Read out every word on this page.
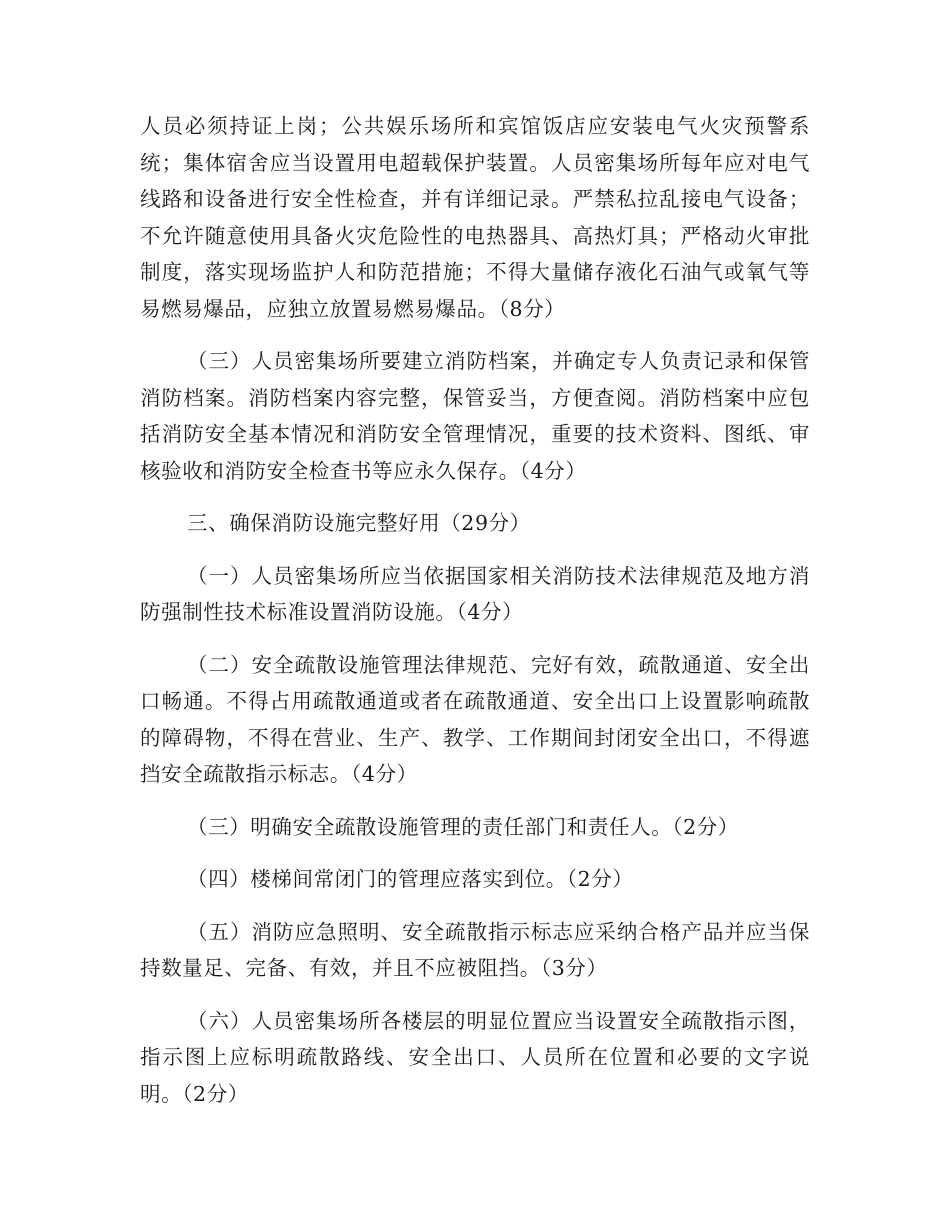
人员必须持证上岗；公共娱乐场所和宾馆饭店应安装电气火灾预警系统；集体宿舍应当设置用电超载保护装置。人员密集场所每年应对电气线路和设备进行安全性检查，并有详细记录。严禁私拉乱接电气设备；不允许随意使用具备火灾危险性的电热器具、高热灯具；严格动火审批制度，落实现场监护人和防范措施；不得大量储存液化石油气或氧气等易燃易爆品，应独立放置易燃易爆品。（8分）

（三）人员密集场所要建立消防档案，并确定专人负责记录和保管消防档案。消防档案内容完整，保管妥当，方便查阅。消防档案中应包括消防安全基本情况和消防安全管理情况，重要的技术资料、图纸、审核验收和消防安全检查书等应永久保存。（4分）

三、确保消防设施完整好用（29分）

（一）人员密集场所应当依据国家相关消防技术法律规范及地方消防强制性技术标准设置消防设施。（4分）

（二）安全疏散设施管理法律规范、完好有效，疏散通道、安全出口畅通。不得占用疏散通道或者在疏散通道、安全出口上设置影响疏散的障碍物，不得在营业、生产、教学、工作期间封闭安全出口，不得遮挡安全疏散指示标志。（4分）

（三）明确安全疏散设施管理的责任部门和责任人。（2分）

（四）楼梯间常闭门的管理应落实到位。（2分）

（五）消防应急照明、安全疏散指示标志应采纳合格产品并应当保持数量足、完备、有效，并且不应被阻挡。（3分）

（六）人员密集场所各楼层的明显位置应当设置安全疏散指示图，指示图上应标明疏散路线、安全出口、人员所在位置和必要的文字说明。（2分）
